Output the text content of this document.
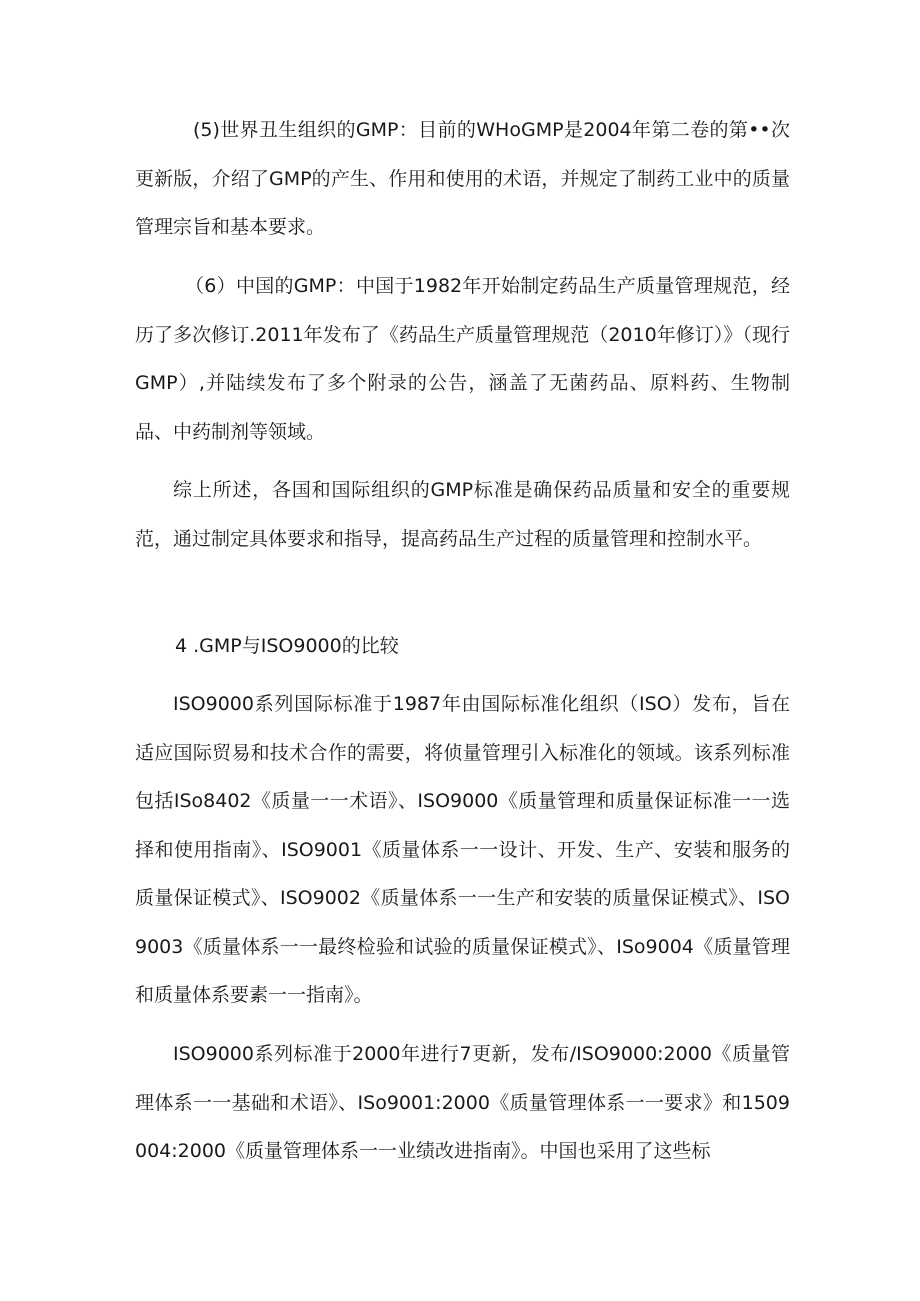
(5)世界丑生组织的GMP：目前的WHoGMP是2004年第二卷的第••次更新版，介绍了GMP的产生、作用和使用的术语，并规定了制药工业中的质量管理宗旨和基本要求。

（6）中国的GMP：中国于1982年开始制定药品生产质量管理规范，经历了多次修订.2011年发布了《药品生产质量管理规范（2010年修订）》（现行GMP）,并陆续发布了多个附录的公告，涵盖了无菌药品、原料药、生物制品、中药制剂等领域。

综上所述，各国和国际组织的GMP标准是确保药品质量和安全的重要规范，通过制定具体要求和指导，提高药品生产过程的质量管理和控制水平。

4 .GMP与ISO9000的比较

ISO9000系列国际标准于1987年由国际标准化组织（ISO）发布，旨在适应国际贸易和技术合作的需要，将侦量管理引入标准化的领域。该系列标准包括ISo8402《质量一一术语》、ISO9000《质量管理和质量保证标准一一选择和使用指南》、ISO9001《质量体系一一设计、开发、生产、安装和服务的质量保证模式》、ISO9002《质量体系一一生产和安装的质量保证模式》、ISO9003《质量体系一一最终检验和试验的质量保证模式》、ISo9004《质量管理和质量体系要素一一指南》。

ISO9000系列标准于2000年进行7更新，发布/ISO9000:2000《质量管理体系一一基础和术语》、ISo9001:2000《质量管理体系一一要求》和1509004:2000《质量管理体系一一业绩改进指南》。中国也采用了这些标
